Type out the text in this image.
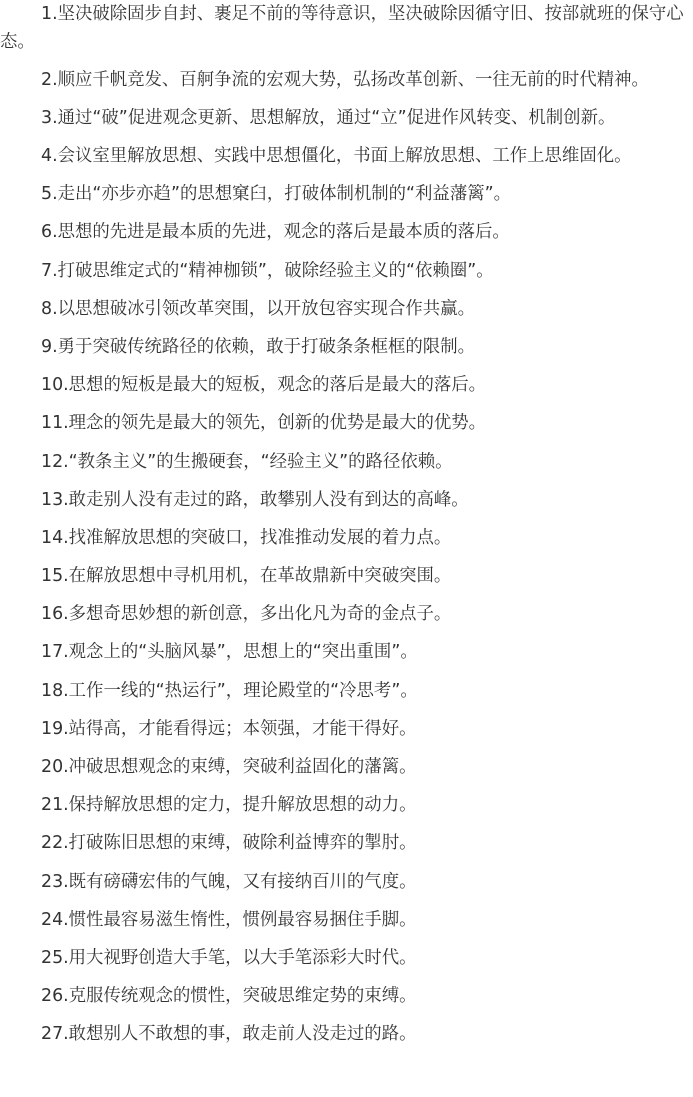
1.坚决破除固步自封、裹足不前的等待意识，坚决破除因循守旧、按部就班的保守心态。

2.顺应千帆竞发、百舸争流的宏观大势，弘扬改革创新、一往无前的时代精神。

3.通过“破”促进观念更新、思想解放，通过“立”促进作风转变、机制创新。

4.会议室里解放思想、实践中思想僵化，书面上解放思想、工作上思维固化。

5.走出“亦步亦趋”的思想窠臼，打破体制机制的“利益藩篱”。

6.思想的先进是最本质的先进，观念的落后是最本质的落后。

7.打破思维定式的“精神枷锁”，破除经验主义的“依赖圈”。

8.以思想破冰引领改革突围，以开放包容实现合作共赢。

9.勇于突破传统路径的依赖，敢于打破条条框框的限制。

10.思想的短板是最大的短板，观念的落后是最大的落后。

11.理念的领先是最大的领先，创新的优势是最大的优势。

12.“教条主义”的生搬硬套，“经验主义”的路径依赖。

13.敢走别人没有走过的路，敢攀别人没有到达的高峰。

14.找准解放思想的突破口，找准推动发展的着力点。

15.在解放思想中寻机用机，在革故鼎新中突破突围。

16.多想奇思妙想的新创意，多出化凡为奇的金点子。

17.观念上的“头脑风暴”，思想上的“突出重围”。

18.工作一线的“热运行”，理论殿堂的“冷思考”。

19.站得高，才能看得远；本领强，才能干得好。

20.冲破思想观念的束缚，突破利益固化的藩篱。

21.保持解放思想的定力，提升解放思想的动力。

22.打破陈旧思想的束缚，破除利益博弈的掣肘。

23.既有磅礴宏伟的气魄，又有接纳百川的气度。

24.惯性最容易滋生惰性，惯例最容易捆住手脚。

25.用大视野创造大手笔，以大手笔添彩大时代。

26.克服传统观念的惯性，突破思维定势的束缚。

27.敢想别人不敢想的事，敢走前人没走过的路。
